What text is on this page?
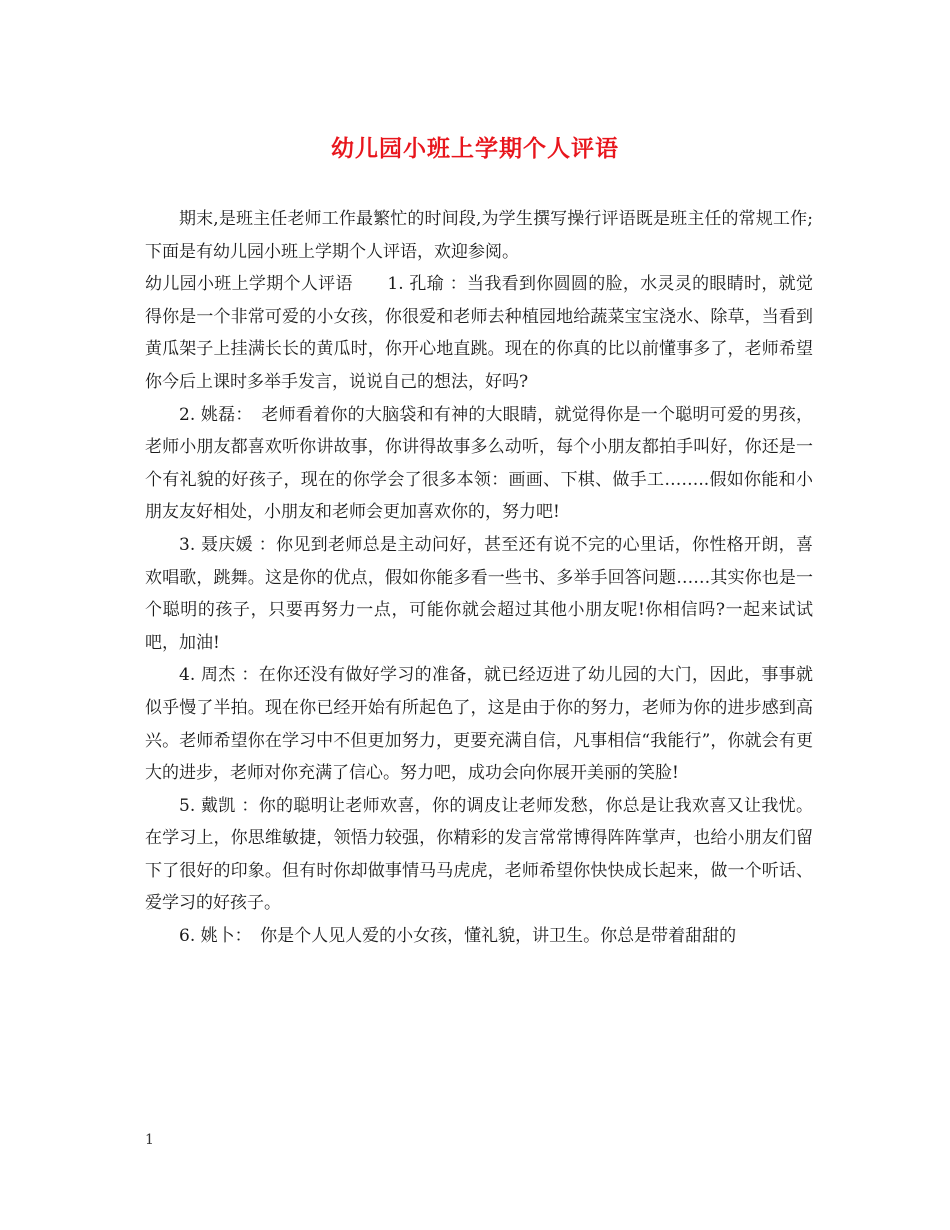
幼儿园小班上学期个人评语

期末,是班主任老师工作最繁忙的时间段,为学生撰写操行评语既是班主任的常规工作;下面是有幼儿园小班上学期个人评语，欢迎参阅。

幼儿园小班上学期个人评语　　1. 孔瑜 ：当我看到你圆圆的脸，水灵灵的眼睛时，就觉得你是一个非常可爱的小女孩，你很爱和老师去种植园地给蔬菜宝宝浇水、除草，当看到黄瓜架子上挂满长长的黄瓜时，你开心地直跳。现在的你真的比以前懂事多了，老师希望你今后上课时多举手发言，说说自己的想法，好吗?

2. 姚磊：　老师看着你的大脑袋和有神的大眼睛，就觉得你是一个聪明可爱的男孩，老师小朋友都喜欢听你讲故事，你讲得故事多么动听，每个小朋友都拍手叫好，你还是一个有礼貌的好孩子，现在的你学会了很多本领：画画、下棋、做手工……..假如你能和小朋友友好相处，小朋友和老师会更加喜欢你的，努力吧!

3. 聂庆媛 ：你见到老师总是主动问好，甚至还有说不完的心里话，你性格开朗，喜欢唱歌，跳舞。这是你的优点，假如你能多看一些书、多举手回答问题……其实你也是一个聪明的孩子，只要再努力一点，可能你就会超过其他小朋友呢!你相信吗?一起来试试吧，加油!

4. 周杰 ：在你还没有做好学习的准备，就已经迈进了幼儿园的大门，因此，事事就似乎慢了半拍。现在你已经开始有所起色了，这是由于你的努力，老师为你的进步感到高兴。老师希望你在学习中不但更加努力，更要充满自信，凡事相信“我能行”，你就会有更大的进步，老师对你充满了信心。努力吧，成功会向你展开美丽的笑脸!

5. 戴凯 ：你的聪明让老师欢喜，你的调皮让老师发愁，你总是让我欢喜又让我忧。在学习上，你思维敏捷，领悟力较强，你精彩的发言常常博得阵阵掌声，也给小朋友们留下了很好的印象。但有时你却做事情马马虎虎，老师希望你快快成长起来，做一个听话、爱学习的好孩子。

6. 姚卜：　你是个人见人爱的小女孩，懂礼貌，讲卫生。你总是带着甜甜的

1
